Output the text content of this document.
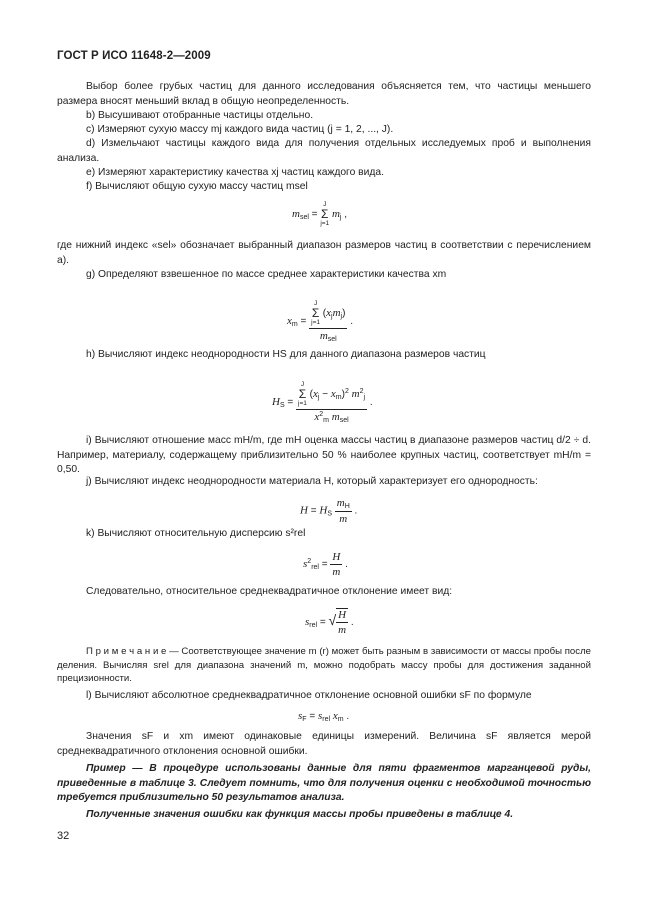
ГОСТ Р ИСО 11648-2—2009
Выбор более грубых частиц для данного исследования объясняется тем, что частицы меньшего размера вносят меньший вклад в общую неопределенность.
b) Высушивают отобранные частицы отдельно.
c) Измеряют сухую массу mj каждого вида частиц (j = 1, 2, ..., J).
d) Измельчают частицы каждого вида для получения отдельных исследуемых проб и выполнения анализа.
e) Измеряют характеристику качества xj частиц каждого вида.
f) Вычисляют общую сухую массу частиц msel
$m_{sel} = J$
Σ
j=1 $m_j$ ,
где нижний индекс «sel» обозначает выбранный диапазон размеров частиц в соответствии с перечислением а).
g) Определяют взвешенное по массе среднее характеристики качества xm
$x_m = J$
Σ
j=1 $(x_jm_j)$
$m_{sel}$ .
h) Вычисляют индекс неоднородности HS для данного диапазона размеров частиц
$H_S = J$
Σ
j=1 $(x_j - x_m)^2$ $m^2_j$
$x^2_m$ $m_{sel}$ .
i) Вычисляют отношение масс mH/m, где mH оценка массы частиц в диапазоне размеров частиц d/2 ÷ d. Например, материалу, содержащему приблизительно 50 % наиболее крупных частиц, соответствует mH/m = 0,50.
j) Вычисляют индекс неоднородности материала H, который характеризует его однородность:
$H = H_S \frac{m_H}{m}$ .
k) Вычисляют относительную дисперсию s²rel
$s^2_{rel} = \frac{H}{m}$ .
Следовательно, относительное среднеквадратичное отклонение имеет вид:
$s_{rel}$ = √ $\frac{H}{m}$ .
П р и м е ч а н и е — Соответствующее значение m (r) может быть разным в зависимости от массы пробы после деления. Вычисляя srel для диапазона значений m, можно подобрать массу пробы для достижения заданной прецизионности.
l) Вычисляют абсолютное среднеквадратичное отклонение основной ошибки sF по формуле
$s_F = s_{rel}$ $x_m$ .
Значения sF и xm имеют одинаковые единицы измерений. Величина sF является мерой среднеквадратичного отклонения основной ошибки.
Пример — В процедуре использованы данные для пяти фрагментов марганцевой руды, приведенные в таблице 3. Следует помнить, что для получения оценки с необходимой точностью требуется приблизительно 50 результатов анализа.
Полученные значения ошибки как функция массы пробы приведены в таблице 4.
32
